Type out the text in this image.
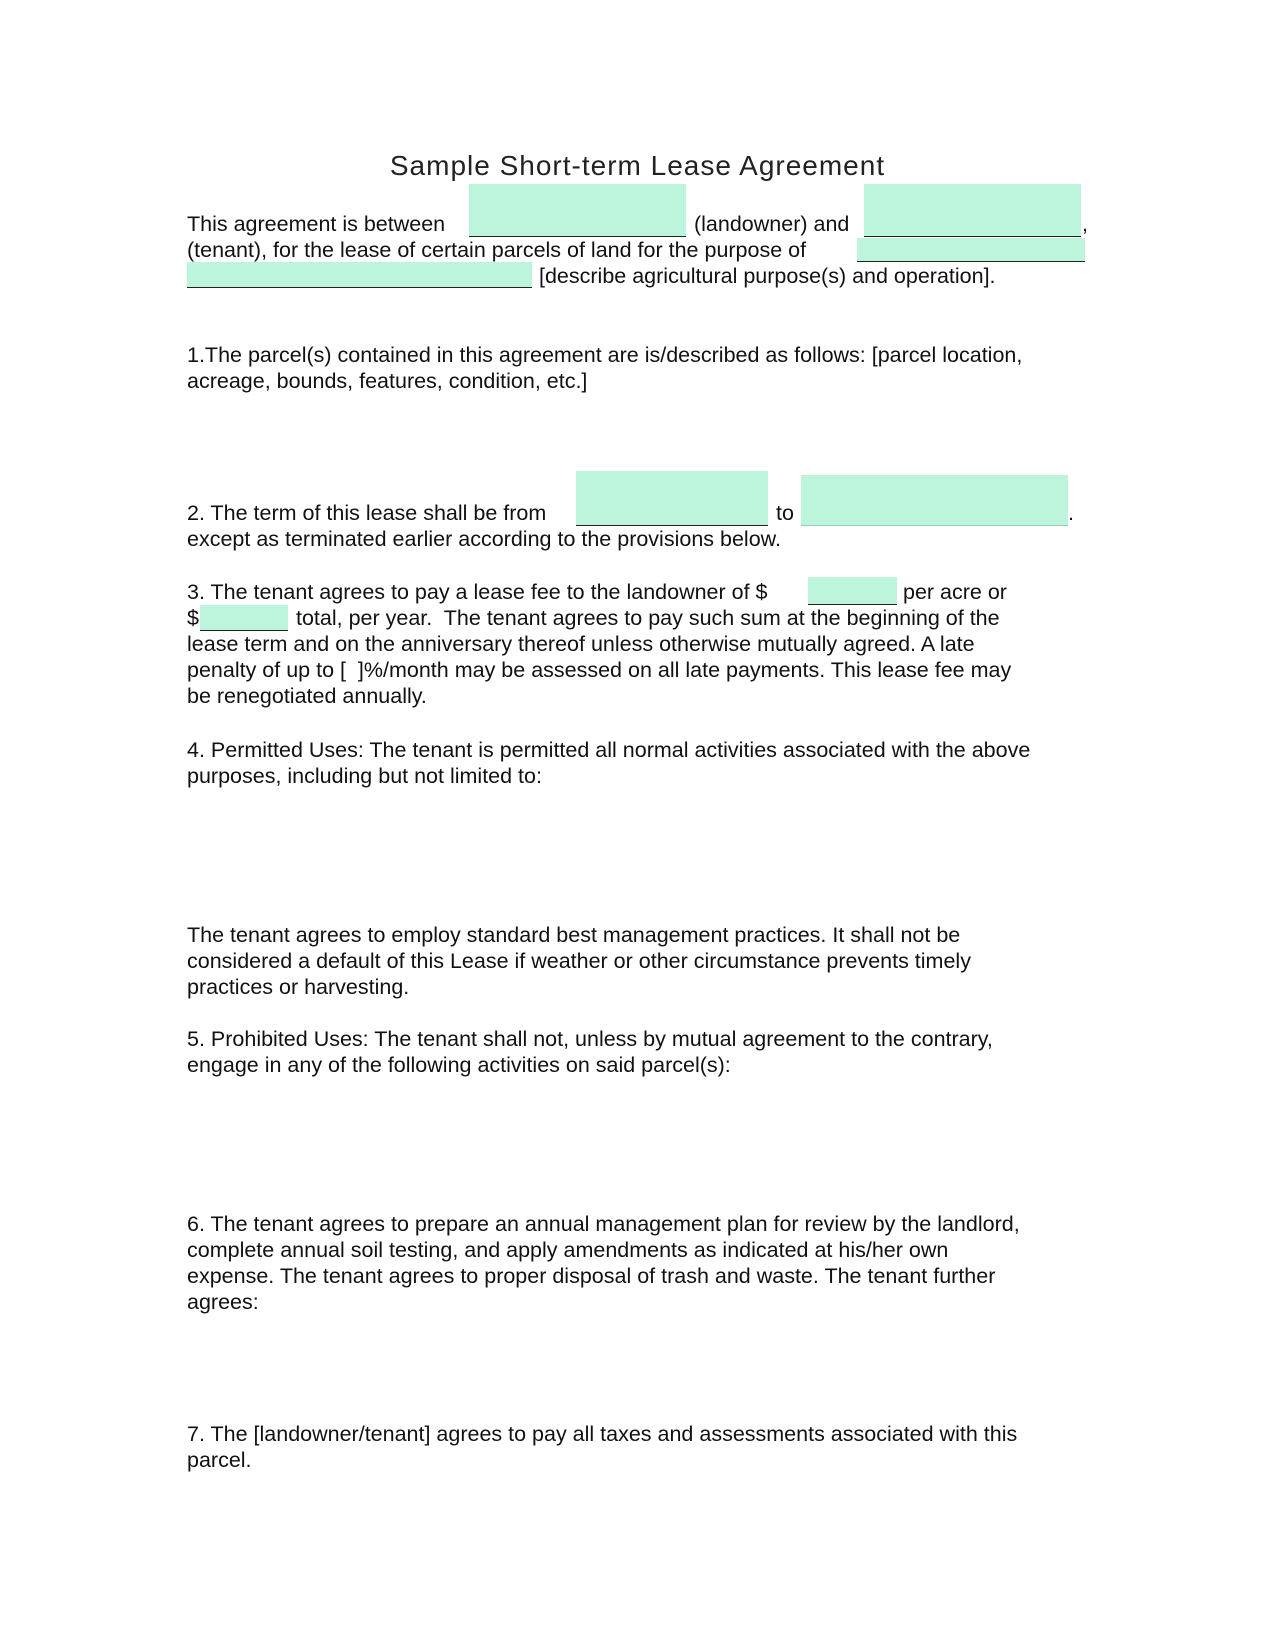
Sample Short-term Lease Agreement

This agreement is between	(landowner) and	,

(tenant), for the lease of certain parcels of land for the purpose of

[describe agricultural purpose(s) and operation].

1.The parcel(s) contained in this agreement are is/described as follows: [parcel location,

acreage, bounds, features, condition, etc.]

2. The term of this lease shall be from	to	.

except as terminated earlier according to the provisions below.

3. The tenant agrees to pay a lease fee to the landowner of $	per acre or

$	total, per year.  The tenant agrees to pay such sum at the beginning of the

lease term and on the anniversary thereof unless otherwise mutually agreed. A late

penalty of up to [  ]%/month may be assessed on all late payments. This lease fee may

be renegotiated annually.

4. Permitted Uses: The tenant is permitted all normal activities associated with the above

purposes, including but not limited to:

The tenant agrees to employ standard best management practices. It shall not be

considered a default of this Lease if weather or other circumstance prevents timely

practices or harvesting.

5. Prohibited Uses: The tenant shall not, unless by mutual agreement to the contrary,

engage in any of the following activities on said parcel(s):

6. The tenant agrees to prepare an annual management plan for review by the landlord,

complete annual soil testing, and apply amendments as indicated at his/her own

expense. The tenant agrees to proper disposal of trash and waste. The tenant further

agrees:

7. The [landowner/tenant] agrees to pay all taxes and assessments associated with this

parcel.
